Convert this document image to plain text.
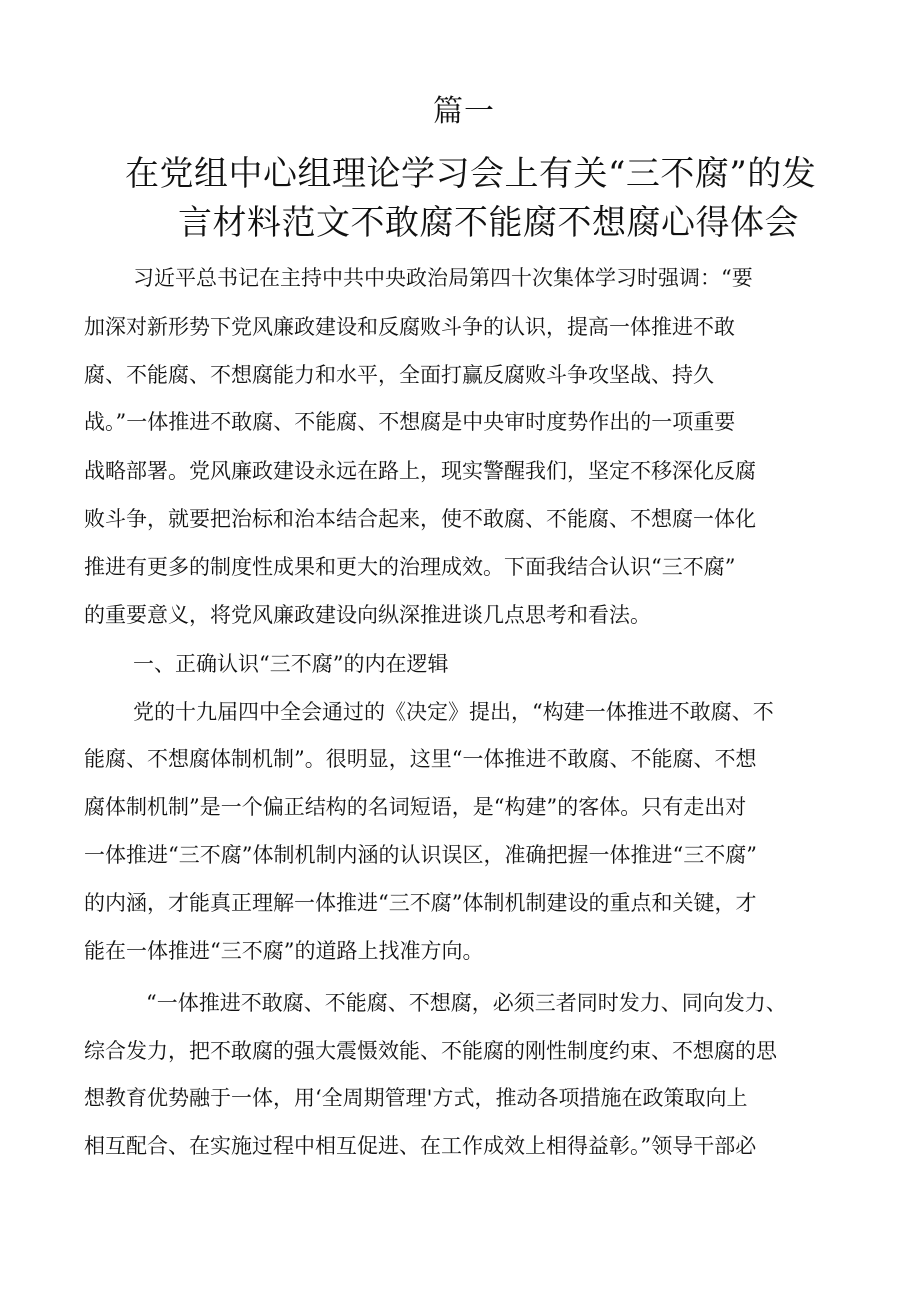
篇一
在党组中心组理论学习会上有关“三不腐”的发
言材料范文不敢腐不能腐不想腐心得体会
习近平总书记在主持中共中央政治局第四十次集体学习时强调：“要
加深对新形势下党风廉政建设和反腐败斗争的认识，提高一体推进不敢
腐、不能腐、不想腐能力和水平，全面打赢反腐败斗争攻坚战、持久
战。”一体推进不敢腐、不能腐、不想腐是中央审时度势作出的一项重要
战略部署。党风廉政建设永远在路上，现实警醒我们，坚定不移深化反腐
败斗争，就要把治标和治本结合起来，使不敢腐、不能腐、不想腐一体化
推进有更多的制度性成果和更大的治理成效。下面我结合认识“三不腐”
的重要意义，将党风廉政建设向纵深推进谈几点思考和看法。
一、正确认识“三不腐”的内在逻辑
党的十九届四中全会通过的《决定》提出，“构建一体推进不敢腐、不
能腐、不想腐体制机制”。很明显，这里“一体推进不敢腐、不能腐、不想
腐体制机制”是一个偏正结构的名词短语，是“构建”的客体。只有走出对
一体推进“三不腐”体制机制内涵的认识误区，准确把握一体推进“三不腐”
的内涵，才能真正理解一体推进“三不腐”体制机制建设的重点和关键，才
能在一体推进“三不腐”的道路上找准方向。
“一体推进不敢腐、不能腐、不想腐，必须三者同时发力、同向发力、
综合发力，把不敢腐的强大震慑效能、不能腐的刚性制度约束、不想腐的思
想教育优势融于一体，用‘全周期管理'方式，推动各项措施在政策取向上
相互配合、在实施过程中相互促进、在工作成效上相得益彰。”领导干部必
